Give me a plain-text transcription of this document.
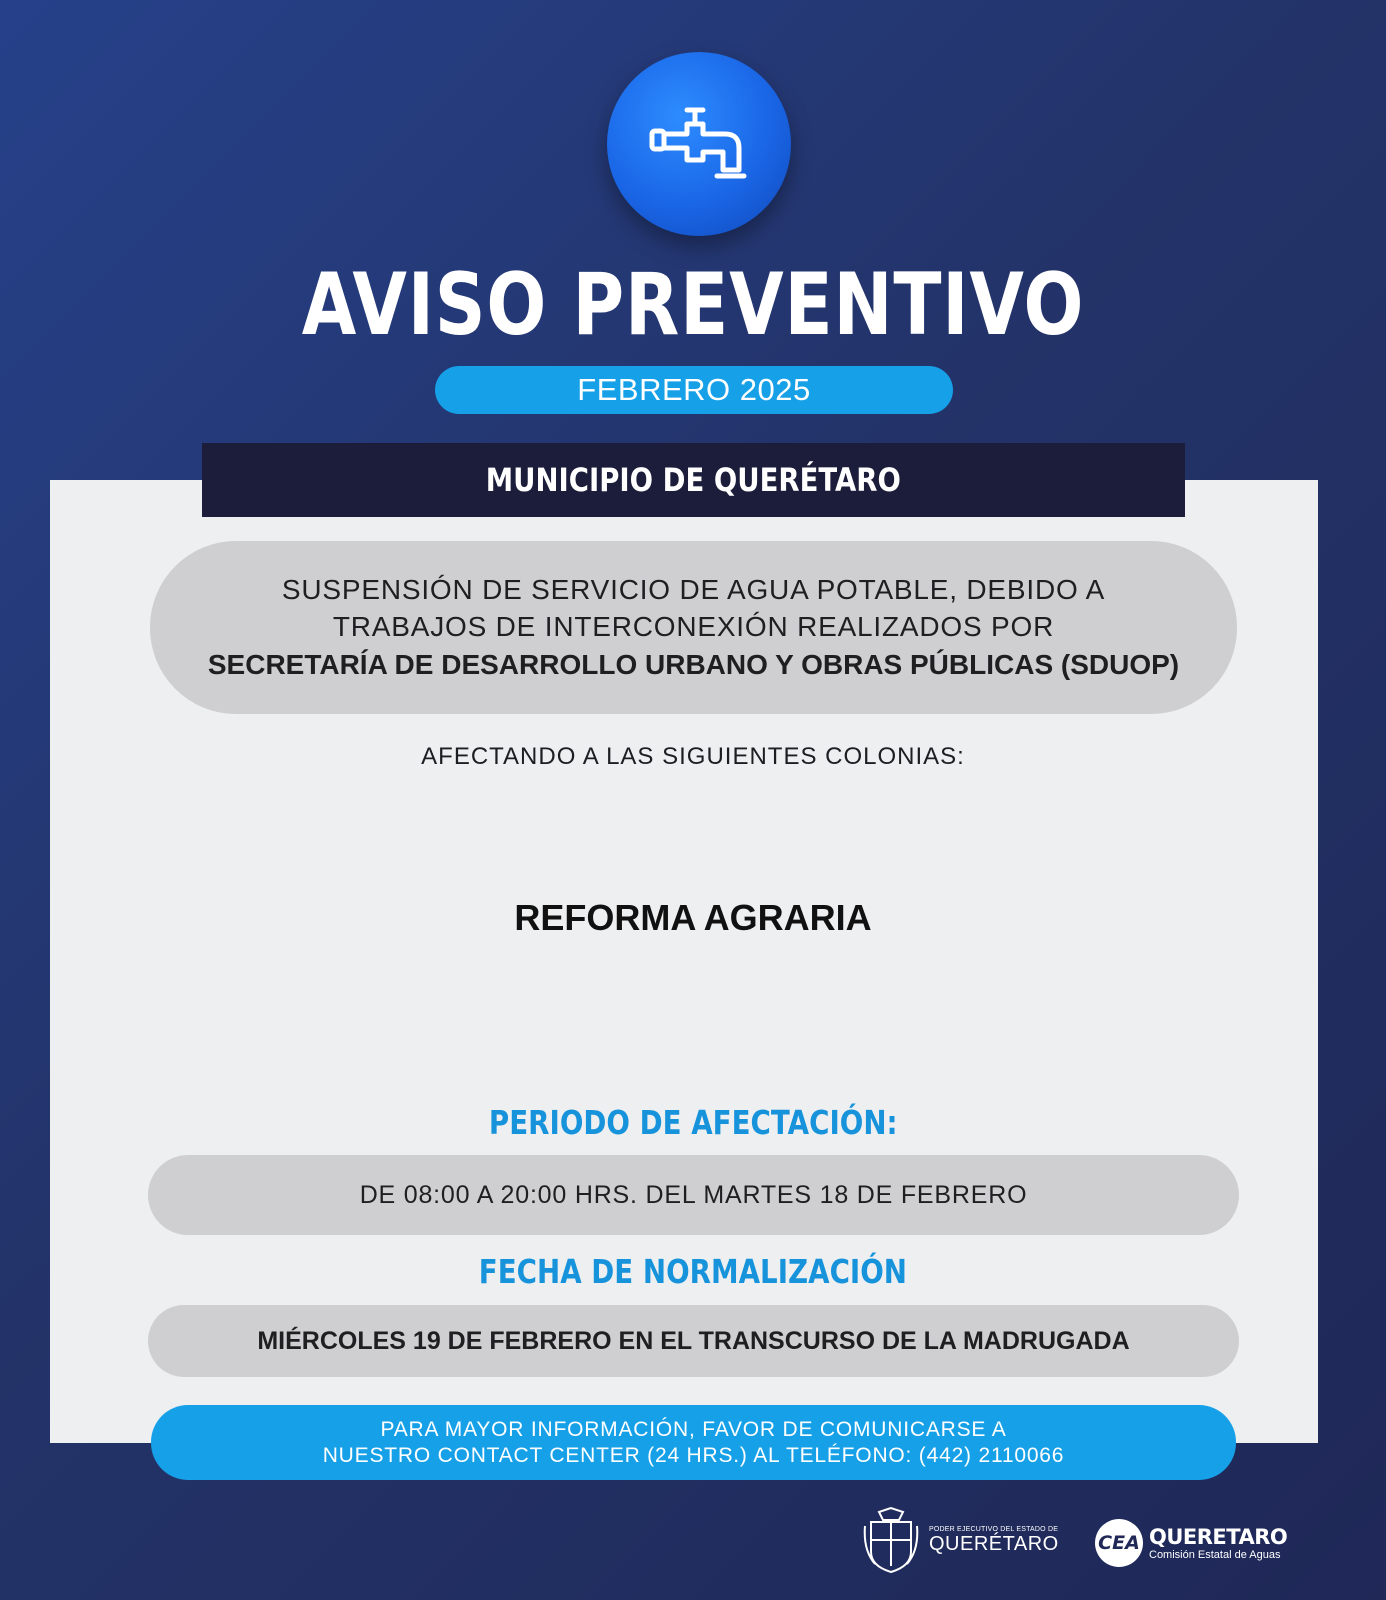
AVISO PREVENTIVO
FEBRERO 2025
MUNICIPIO DE QUERÉTARO
SUSPENSIÓN DE SERVICIO DE AGUA POTABLE, DEBIDO A
TRABAJOS DE INTERCONEXIÓN REALIZADOS POR
SECRETARÍA DE DESARROLLO URBANO Y OBRAS PÚBLICAS (SDUOP)
AFECTANDO A LAS SIGUIENTES COLONIAS:
REFORMA AGRARIA
PERIODO DE AFECTACIÓN:
DE 08:00 A 20:00 HRS. DEL MARTES 18 DE FEBRERO
FECHA DE NORMALIZACIÓN
MIÉRCOLES 19 DE FEBRERO EN EL TRANSCURSO DE LA MADRUGADA
PARA MAYOR INFORMACIÓN, FAVOR DE COMUNICARSE A
NUESTRO CONTACT CENTER (24 HRS.) AL TELÉFONO: (442) 2110066
PODER EJECUTIVO DEL ESTADO DE
QUERÉTARO CEA QUERETARO
Comisión Estatal de Aguas
